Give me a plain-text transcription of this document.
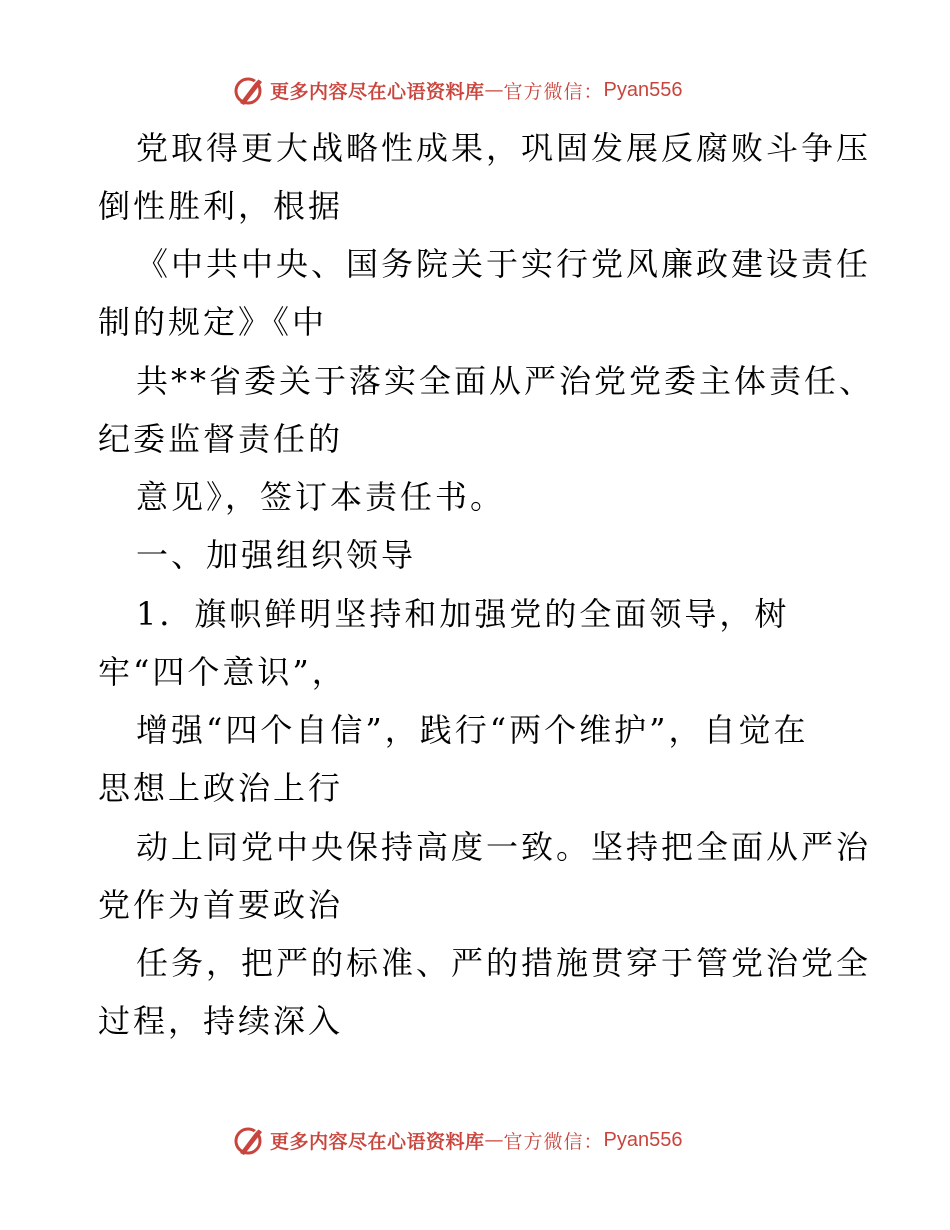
更多内容尽在心语资料库 — 官方微信： Pyan556
党取得更大战略性成果，巩固发展反腐败斗争压
倒性胜利，根据
《中共中央、国务院关于实行党风廉政建设责任
制的规定》《中
共**省委关于落实全面从严治党党委主体责任、
纪委监督责任的
意见》，签订本责任书。
一、加强组织领导
1．旗帜鲜明坚持和加强党的全面领导，树
牢“四个意识”，
增强“四个自信”，践行“两个维护”，自觉在
思想上政治上行
动上同党中央保持高度一致。坚持把全面从严治
党作为首要政治
任务，把严的标准、严的措施贯穿于管党治党全
过程，持续深入
更多内容尽在心语资料库 — 官方微信： Pyan556
